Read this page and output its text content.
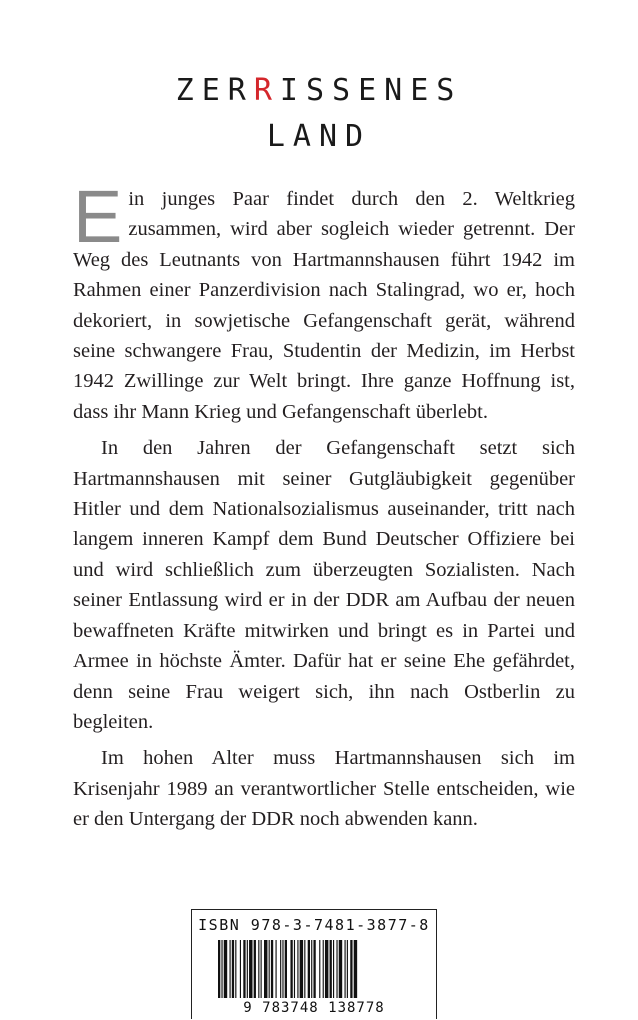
ZERRISSENES
LAND

Ein junges Paar findet durch den 2. Weltkrieg zusammen, wird aber sogleich wieder getrennt. Der Weg des Leutnants von Hartmannshausen führt 1942 im Rahmen einer Panzerdivision nach Stalingrad, wo er, hoch dekoriert, in sowjetische Gefangenschaft gerät, während seine schwangere Frau, Studentin der Medizin, im Herbst 1942 Zwillinge zur Welt bringt. Ihre ganze Hoffnung ist, dass ihr Mann Krieg und Gefangenschaft überlebt.

In den Jahren der Gefangenschaft setzt sich Hartmannshausen mit seiner Gutgläubigkeit gegenüber Hitler und dem Nationalsozialismus auseinander, tritt nach langem inneren Kampf dem Bund Deutscher Offiziere bei und wird schließlich zum überzeugten Sozialisten. Nach seiner Entlassung wird er in der DDR am Aufbau der neuen bewaffneten Kräfte mitwirken und bringt es in Partei und Armee in höchste Ämter. Dafür hat er seine Ehe gefährdet, denn seine Frau weigert sich, ihn nach Ostberlin zu begleiten.

Im hohen Alter muss Hartmannshausen sich im Krisenjahr 1989 an verantwortlicher Stelle entscheiden, wie er den Untergang der DDR noch abwenden kann.

ISBN 978-3-7481-3877-8
9 783748 138778
